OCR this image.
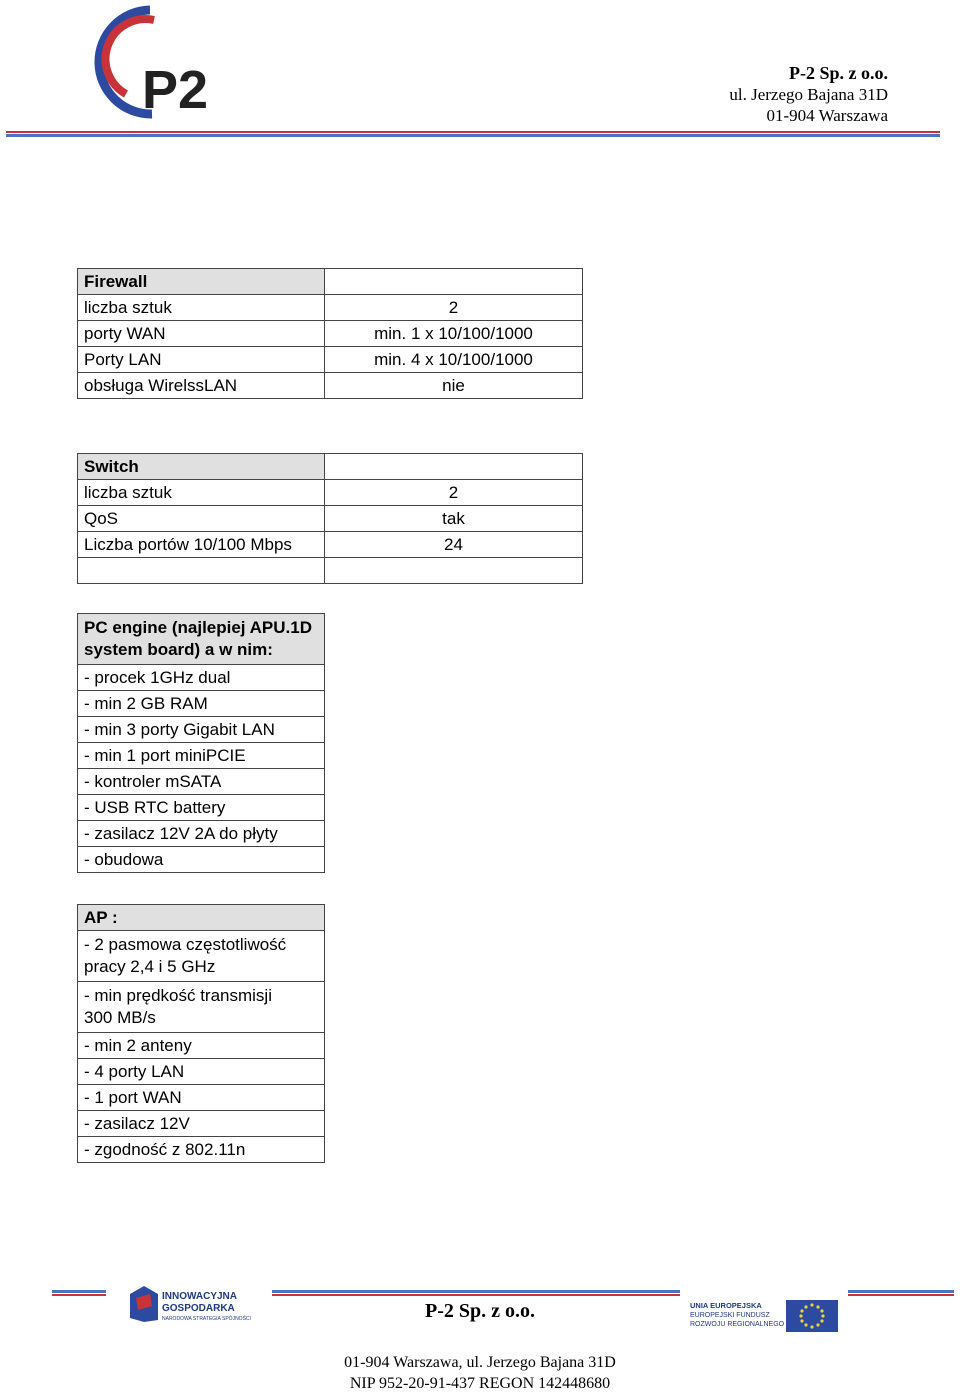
P2	P-2 Sp. z o.o.
ul. Jerzego Bajana 31D
01-904 Warszawa
Firewall	
liczba sztuk	2
porty WAN	min. 1 x 10/100/1000
Porty LAN	min. 4 x 10/100/1000
obsługa WirelssLAN	nie
Switch	
liczba sztuk	2
QoS	tak
Liczba portów 10/100 Mbps	24

PC engine (najlepiej APU.1D
system board) a w nim:

- procek 1GHz dual
- min 2 GB RAM
- min 3 porty Gigabit LAN
- min 1 port miniPCIE
- kontroler mSATA
- USB RTC battery
- zasilacz 12V 2A do płyty
- obudowa
AP :

- 2 pasmowa częstotliwość
pracy 2,4 i 5 GHz

- min prędkość transmisji
300 MB/s

- min 2 anteny
- 4 porty LAN
- 1 port WAN
- zasilacz 12V
- zgodność z 802.11n
INNOWACYJNA
GOSPODARKA
NARODOWA STRATEGIA SPÓJNOŚCI	P-2 Sp. z o.o.	UNIA EUROPEJSKA
EUROPEJSKI FUNDUSZ
ROZWOJU REGIONALNEGO
01-904 Warszawa, ul. Jerzego Bajana 31D
NIP 952-20-91-437 REGON 142448680
